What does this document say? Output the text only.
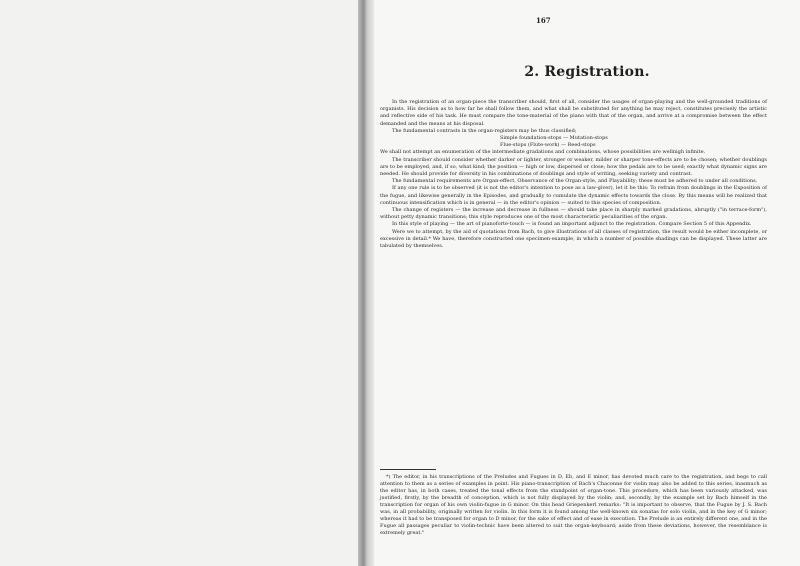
167
2. Registration.

In the registration of an organ-piece the transcriber should, first of all, consider the usages of organ-playing and the well-grounded traditions of organists. His decision as to how far he shall follow them, and what shall be substituted for anything he may reject, constitutes precisely the artistic and reflective side of his task. He must compare the tone-material of the piano with that of the organ, and arrive at a compromise between the effect demanded and the means at his disposal.

The fundamental contrasts in the organ-registers may be thus classified;

Simple foundation-stops — Mutation-stops
Flue-stops (Flute-work) — Reed-stops

We shall not attempt an enumeration of the intermediate gradations and combinations, whose possibilities are wellnigh infinite.

The transcriber should consider whether darker or lighter, stronger or weaker, milder or sharper tone-effects are to be chosen; whether doublings are to be employed, and, if so, what kind; the position — high or low, dispersed or close; how the pedals are to be used; exactly what dynamic signs are needed. He should provide for diversity in his combinations of doublings and style of writing, seeking variety and contrast.

The fundamental requirements are Organ-effect, Observance of the Organ-style, and Playability; these must be adhered to under all conditions.

If any one rule is to be observed (it is not the editor's intention to pose as a law-giver), let it be this: To refrain from doublings in the Exposition of the fugue, and likewise generally in the Episodes, and gradually to cumulate the dynamic effects towards the close. By this means will be realized that continuous intensification which is in general — in the editor's opinion — suited to this species of composition.

The change of registers — the increase and decrease in fullness — should take place in sharply marked gradations, abruptly ("in terrace-form"), without petty dynamic transitions; this style reproduces one of the most characteristic peculiarities of the organ.

In this style of playing — the art of pianoforte-touch — is found an important adjunct to the registration. Compare Section 5 of this Appendix.

Were we to attempt, by the aid of quotations from Bach, to give illustrations of all classes of registration, the result would be either incomplete, or excessive in detail.* We have, therefore constructed one specimen-example, in which a number of possible shadings can be displayed. These latter are tabulated by themselves.

*) The editor, in his transcriptions of the Preludes and Fugues in D, Eb, and E minor, has devoted much care to the registration, and begs to call attention to them as a series of examples in point. His piano-transcription of Bach's Chaconne for violin may also be added to this series, inasmuch as the editor has, in both cases, treated the tonal effects from the standpoint of organ-tone. This procedure, which has been variously attacked, was justified, firstly, by the breadth of conception, which is not fully displayed by the violin; and, secondly, by the example set by Bach himself in the transcription for organ of his own violin-fugue in G minor. On this head Griepenkerl remarks: "It is important to observe, that the Fugue by J. S. Bach was, in all probability, originally written for violin. In this form it is found among the well-known six sonatas for solo violin, and in the key of G minor; whereas it had to be transposed for organ to D minor, for the sake of effect and of ease in execution. The Prelude is an entirely different one, and in the Fugue all passages peculiar to violin-technic have been altered to suit the organ-keyboard; aside from these deviations, however, the resemblance is extremely great."
